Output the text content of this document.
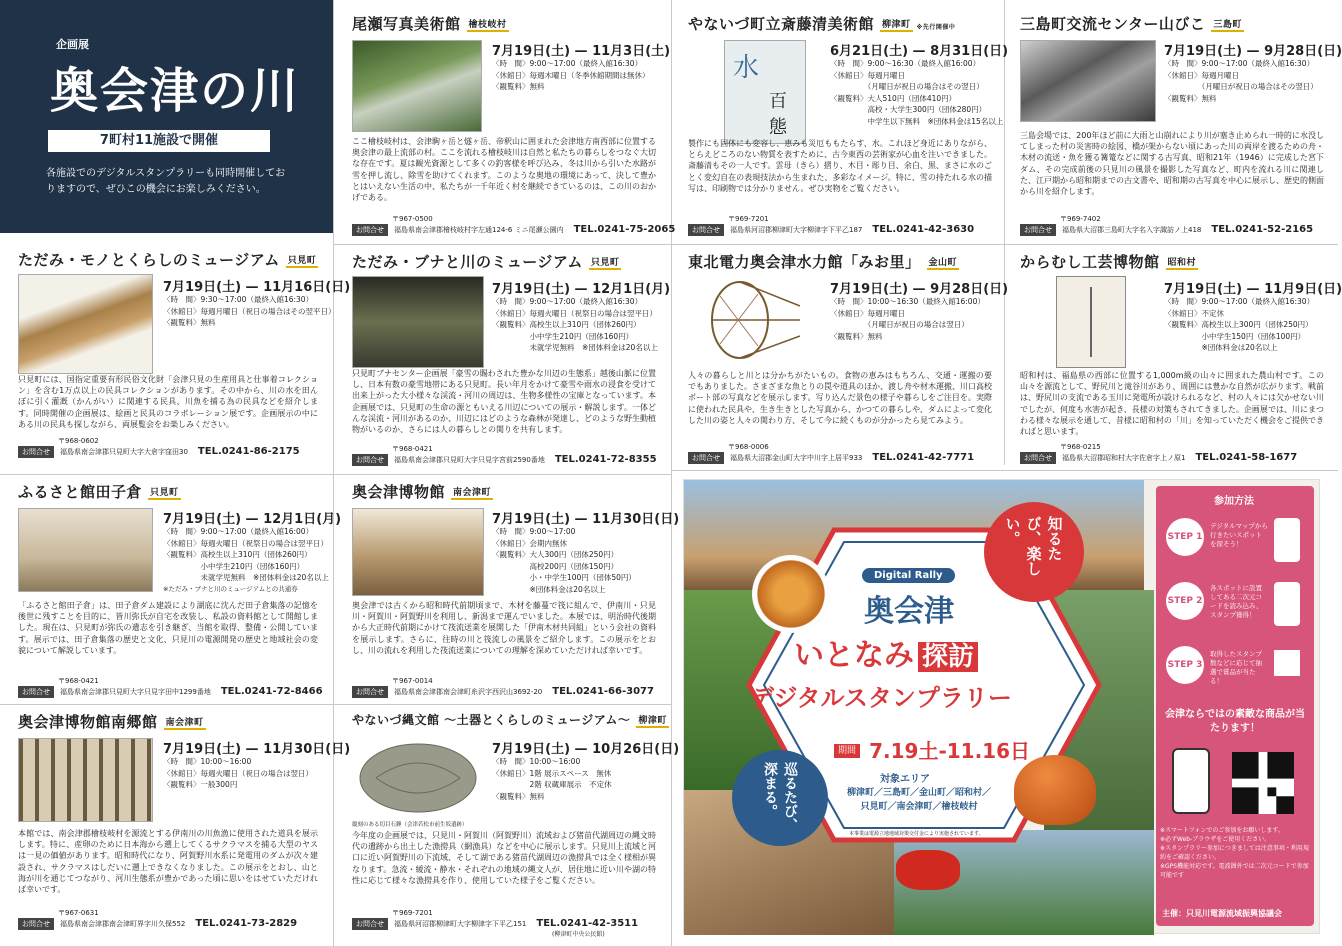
企画展
奥会津の川
7町村11施設で開催
各施設でのデジタルスタンプラリーも同時開催しておりますので、ぜひこの機会にお楽しみください。
ただみ・モノとくらしのミュージアム 只見町
7月19日(土) — 11月16日(日)
〈時　間〉9:30〜17:00（最終入館16:30）
〈休館日〉毎週月曜日（祝日の場合はその翌平日）
〈観覧料〉無料
只見町には、国指定重要有形民俗文化財「会津只見の生産用具と仕事着コレクション」を含む1万点以上の民具コレクションがあります。その中から、川の水を田んぼに引く灌漑（かんがい）に関連する民具、川魚を捕る為の民具などを紹介します。同時開催の企画展は、絵画と民具のコラボレーション展です。企画展示の中にある川の民具も探しながら、両展覧会をお楽しみください。
〒968-0602
お問合せ 福島県南会津郡只見町大字大倉字窪田30 TEL.0241-86-2175
ふるさと館田子倉 只見町
7月19日(土) — 12月1日(月)
〈時　間〉9:00〜17:00（最終入館16:00）
〈休館日〉毎週火曜日（祝祭日の場合は翌平日）
〈観覧料〉高校生以上310円（団体260円）
　　　　　小中学生210円（団体160円）
　　　　　未就学児無料　※団体料金は20名以上
※ただみ・ブナと川のミュージアムとの共通券
「ふるさと館田子倉」は、田子倉ダム建設により湖底に沈んだ田子倉集落の記憶を後世に残すことを目的に、皆川弥氏が自宅を改装し、私設の資料館として開館しました。現在は、只見町が弥氏の遺志を引き継ぎ、当館を取得、整備・公開しています。展示では、田子倉集落の歴史と文化、只見川の電源開発の歴史と地域社会の変貌について解説しています。
〒968-0421
お問合せ 福島県南会津郡只見町大字只見字田中1299番地 TEL.0241-72-8466
奥会津博物館南郷館 南会津町
7月19日(土) — 11月30日(日)
〈時　間〉10:00〜16:00
〈休館日〉毎週火曜日（祝日の場合は翌日）
〈観覧料〉一般300円
本館では、南会津郡檜枝岐村を源流とする伊南川の川魚漁に使用された道具を展示します。特に、産卵のために日本海から遡上してくるサクラマスを捕る大型のヤスは一見の価値があります。昭和時代になり、阿賀野川水系に発電用のダムが次々建設され、サクラマスはしだいに遡上できなくなりました。この展示をとおし、山と海が川を通じてつながり、河川生態系が豊かであった頃に思いをはせていただければ幸いです。
〒967-0631
お問合せ 福島県南会津郡南会津町界字川久保552 TEL.0241-73-2829
尾瀬写真美術館 檜枝岐村
7月19日(土) — 11月3日(土)
〈時　間〉9:00〜17:00（最終入館16:30）
〈休館日〉毎週木曜日（冬季休館期間は無休）
〈観覧料〉無料
ここ檜枝岐村は、会津駒ヶ岳と燧ヶ岳、帝釈山に囲まれた会津地方南西部に位置する奥会津の最上流部の村。ここを流れる檜枝岐川は自然と私たちの暮らしをつなぐ大切な存在です。夏は観光資源として多くの釣客様を呼び込み、冬は川から引いた水路が雪を押し流し、除雪を助けてくれます。このような奥地の環境にあって、決して豊かとはいえない生活の中、私たちが一千年近く村を継続できているのは、この川のおかげである。
〒967-0500
お問合せ 福島県南会津郡檜枝岐村字左通124-6 ミニ尾瀬公園内 TEL.0241-75-2065
ただみ・ブナと川のミュージアム 只見町
7月19日(土) — 12月1日(月)
〈時　間〉9:00〜17:00（最終入館16:30）
〈休館日〉毎週火曜日（祝祭日の場合は翌平日）
〈観覧料〉高校生以上310円（団体260円）
　　　　　小中学生210円（団体160円）
　　　　　未就学児無料　※団体料金は20名以上
只見町ブナセンター企画展「豪雪の賜わされた豊かな川辺の生態系」越後山脈に位置し、日本有数の豪雪地帯にある只見町。長い年月をかけて豪雪や雨水の浸食を受けて出来上がった大小様々な渓流・河川の周辺は、生物多様性の宝庫となっています。本企画展では、只見町の生命の源ともいえる川辺についての展示・解説します。一体どんな渓流・河川があるのか、川辺にはどのような森林が発達し、どのような野生動植物がいるのか、さらには人の暮らしとの関りを共有します。
〒968-0421
お問合せ 福島県南会津郡只見町大字只見字宮前2590番地 TEL.0241-72-8355
奥会津博物館 南会津町
7月19日(土) — 11月30日(日)
〈時　間〉9:00〜17:00
〈休館日〉会期内無休
〈観覧料〉大人300円（団体250円）
　　　　　高校200円（団体150円）
　　　　　小・中学生100円（団体50円）
　　　　　※団体料金は20名以上
奥会津では古くから昭和時代前期頃まで、木材を藤蔓で筏に組んで、伊南川・只見川・阿賀川・阿賀野川を利用し、新潟まで運んでいました。本展では、明治時代後期から大正時代前期にかけて筏流送業を展開した「伊南木材共同組」という会社の資料を展示します。さらに、往時の川と筏流しの風景をご紹介します。この展示をとおし、川の流れを利用した筏流送業についての理解を深めていただければ幸いです。
〒967-0014
お問合せ 福島県南会津郡南会津町糸沢字西沢山3692-20 TEL.0241-66-3077
やないづ縄文館 ～土器とくらしのミュージアム～ 柳津町
縦刻のある切目石錘（会津若松市前生坂遺跡）
7月19日(土) — 10月26日(日)
〈時　間〉10:00〜16:00
〈休館日〉1階 展示スペース　無休
　　　　　2階 収蔵庫展示　不定休
〈観覧料〉無料
今年度の企画展では、只見川・阿賀川（阿賀野川）流域および猪苗代湖周辺の縄文時代の遺跡から出土した漁撈具（網漁具）などを中心に展示します。只見川上流域と河口に近い阿賀野川の下流域、そして湖である猪苗代湖周辺の漁撈具では全く様相が異なります。急流・緩流・静水・それぞれの地域の縄文人が、居住地に近い川や湖の特性に応じて様々な漁撈具を作り、使用していた様子をご覧ください。
〒969-7201
お問合せ 福島県河沼郡柳津町大字柳津字下平乙151 TEL.0241-42-3511
(柳津町中央公民館)
やないづ町立斎藤清美術館 柳津町 ※先行開催中
水
百
態
6月21日(土) — 8月31日(日)
〈時　間〉9:00〜16:30（最終入館16:00）
〈休館日〉毎週月曜日
　　　　　（月曜日が祝日の場合はその翌日）
〈観覧料〉大人510円（団体410円）
　　　　　高校・大学生300円（団体280円）
　　　　　中学生以下無料　※団体料金は15名以上
製作にも固体にも変容し、恵みも災厄ももたらす、水。これほど身近にありながら、とらえどころのない物質を表すために、古今東西の芸術家が心血を注いできました。斎藤清もその一人です。雲母（きら）摺り、木目・彫り目、余白、黒、まさに水のごとく変幻自在の表現技法から生まれた、多彩なイメージ。特に、雪の持たれる水の描写は、印刷物では分かりません。ぜひ実物をご覧ください。
〒969-7201
お問合せ 福島県河沼郡柳津町大字柳津字下平乙187 TEL.0241-42-3630
東北電力奥会津水力館「みお里」 金山町
7月19日(土) — 9月28日(日)
〈時　間〉10:00〜16:30（最終入館16:00）
〈休館日〉毎週月曜日
　　　　　（月曜日が祝日の場合は翌日）
〈観覧料〉無料
人々の暮らしと川とは分かちがたいもの。食物の恵みはもちろん、交通・運搬の要でもありました。さまざまな魚とりの罠や道具のほか、渡し舟や材木運搬、川口高校ボート部の写真などを展示します。写り込んだ景色の様子や暮らしをご注目を。実際に使われた民具や、生き生きとした写真から、かつての暮らしや、ダムによって変化した川の姿と人々の関わり方、そして今に続くものが分かったら見てみよう。
〒968-0006
お問合せ 福島県大沼郡金山町大字中川字上居平933 TEL.0241-42-7771
三島町交流センター山びこ 三島町
7月19日(土) — 9月28日(日)
〈時　間〉9:00〜17:00（最終入館16:30）
〈休館日〉毎週月曜日
　　　　　（月曜日が祝日の場合はその翌日）
〈観覧料〉無料
三島会場では、200年ほど前に大雨と山崩れにより川が塞き止められ一時的に水没してしまった村の災害時の絵図、橋が架からない頃にあった川の両岸を渡るための舟・木材の流送・魚を獲る篝篭などに関する古写真、昭和21年（1946）に完成した宮下ダム、その完成前後の只見川の風景を撮影した写真など、町内を流れる川に関連した、江戸期から昭和期までの古文書や、昭和期の古写真を中心に展示し、歴史的側面から川を紹介します。
〒969-7402
お問合せ 福島県大沼郡三島町大字名入字諏訪ノ上418 TEL.0241-52-2165
からむし工芸博物館 昭和村
7月19日(土) — 11月9日(日)
〈時　間〉9:00〜17:00（最終入館16:30）
〈休館日〉不定休
〈観覧料〉高校生以上300円（団体250円）
　　　　　小中学生150円（団体100円）
　　　　　※団体料金は20名以上
昭和村は、福島県の西部に位置する1,000m級の山々に囲まれた農山村です。この山々を源流として、野尻川と滝谷川があり、周囲には豊かな自然が広がります。戦前は、野尻川の支流である玉川に発電所が設けられるなど、村の人々には欠かせない川でしたが、何度も水害が起き、長様の対策もされてきました。企画展では、川にまつわる様々な展示を通して、昔様に昭和村の「川」を知っていただく機会をご提供できればと思います。
〒968-0215
お問合せ 福島県大沼郡昭和村大字佐倉字上ノ原1 TEL.0241-58-1677
Digital Rally
奥会津
いとなみ 探訪
デジタルスタンプラリー
期間 7.19土-11.16日
対象エリア
柳津町／三島町／金山町／昭和村／
只見町／南会津町／檜枝岐村
本事業は電源立地地域対策交付金により実施されています。
知るたび、楽しい。
巡るたび、深まる。
参加方法
STEP 1
デジタルマップから行きたいスポットを探そう！
STEP 2
各スポットに設置してある二次元コードを読み込み、スタンプ獲得！
STEP 3
取得したスタンプ数などに応じて抽選で賞品が当たる！
会津ならではの素敵な商品が当たります！
※スマートフォンでのご参加をお願いします。
※必ずWeb-ブラウザをご使用ください。
※スタンプラリー参加につきましては注意事項・利用規約をご確認ください。
※GPS機能対応です。電波圏外では二次元コードで参加可能です
主催：只見川電源流域振興協議会
